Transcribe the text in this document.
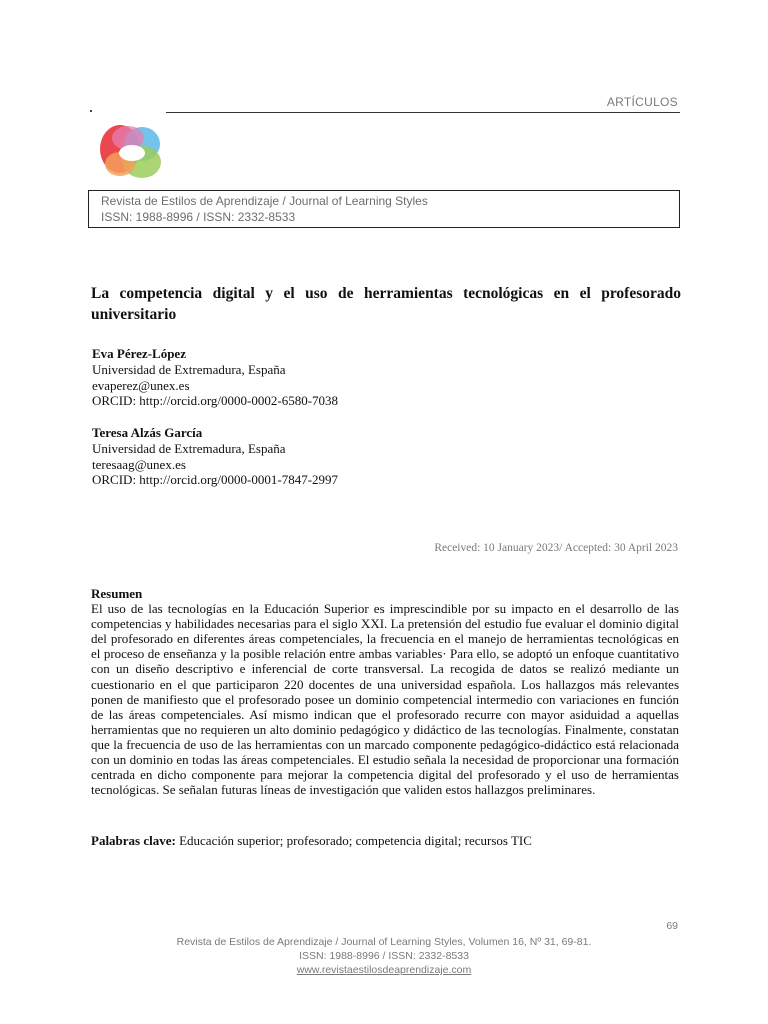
ARTÍCULOS
Revista de Estilos de Aprendizaje / Journal of Learning Styles
ISSN: 1988-8996 / ISSN: 2332-8533
La competencia digital y el uso de herramientas tecnológicas en el profesorado universitario
Eva Pérez-López
Universidad de Extremadura, España
evaperez@unex.es
ORCID: http://orcid.org/0000-0002-6580-7038
Teresa Alzás García
Universidad de Extremadura, España
teresaag@unex.es
ORCID: http://orcid.org/0000-0001-7847-2997
Received: 10 January 2023/ Accepted: 30 April 2023

Resumen

El uso de las tecnologías en la Educación Superior es imprescindible por su impacto en el desarrollo de las competencias y habilidades necesarias para el siglo XXI. La pretensión del estudio fue evaluar el dominio digital del profesorado en diferentes áreas competenciales, la frecuencia en el manejo de herramientas tecnológicas en el proceso de enseñanza y la posible relación entre ambas variables· Para ello, se adoptó un enfoque cuantitativo con un diseño descriptivo e inferencial de corte transversal. La recogida de datos se realizó mediante un cuestionario en el que participaron 220 docentes de una universidad española. Los hallazgos más relevantes ponen de manifiesto que el profesorado posee un dominio competencial intermedio con variaciones en función de las áreas competenciales. Así mismo indican que el profesorado recurre con mayor asiduidad a aquellas herramientas que no requieren un alto dominio pedagógico y didáctico de las tecnologías. Finalmente, constatan que la frecuencia de uso de las herramientas con un marcado componente pedagógico-didáctico está relacionada con un dominio en todas las áreas competenciales. El estudio señala la necesidad de proporcionar una formación centrada en dicho componente para mejorar la competencia digital del profesorado y el uso de herramientas tecnológicas. Se señalan futuras líneas de investigación que validen estos hallazgos preliminares.

Palabras clave: Educación superior; profesorado; competencia digital; recursos TIC
69
Revista de Estilos de Aprendizaje / Journal of Learning Styles, Volumen 16, Nº 31, 69-81.
ISSN: 1988-8996 / ISSN: 2332-8533
www.revistaestilosdeaprendizaje.com
